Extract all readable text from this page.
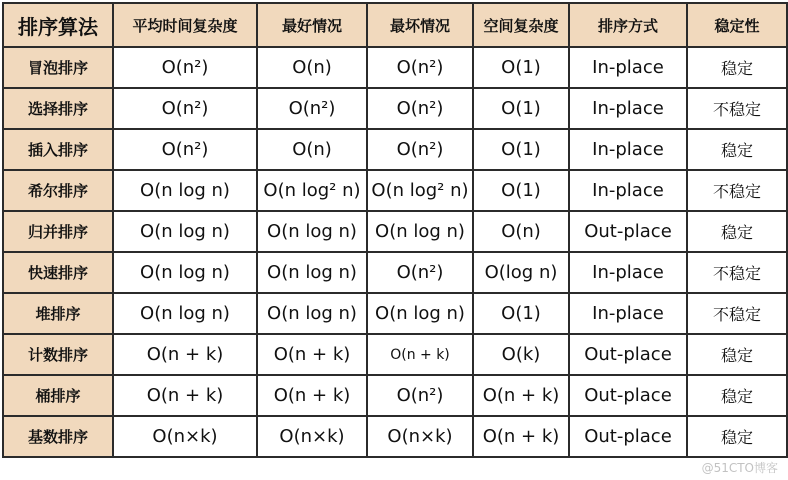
排序算法	平均时间复杂度	最好情况	最坏情况	空间复杂度	排序方式	稳定性
冒泡排序	O(n²)	O(n)	O(n²)	O(1)	In-place	稳定
选择排序	O(n²)	O(n²)	O(n²)	O(1)	In-place	不稳定
插入排序	O(n²)	O(n)	O(n²)	O(1)	In-place	稳定
希尔排序	O(n log n)	O(n log² n)	O(n log² n)	O(1)	In-place	不稳定
归并排序	O(n log n)	O(n log n)	O(n log n)	O(n)	Out-place	稳定
快速排序	O(n log n)	O(n log n)	O(n²)	O(log n)	In-place	不稳定
堆排序	O(n log n)	O(n log n)	O(n log n)	O(1)	In-place	不稳定
计数排序	O(n + k)	O(n + k)	O(n + k)	O(k)	Out-place	稳定
桶排序	O(n + k)	O(n + k)	O(n²)	O(n + k)	Out-place	稳定
基数排序	O(n×k)	O(n×k)	O(n×k)	O(n + k)	Out-place	稳定
@51CTO博客
